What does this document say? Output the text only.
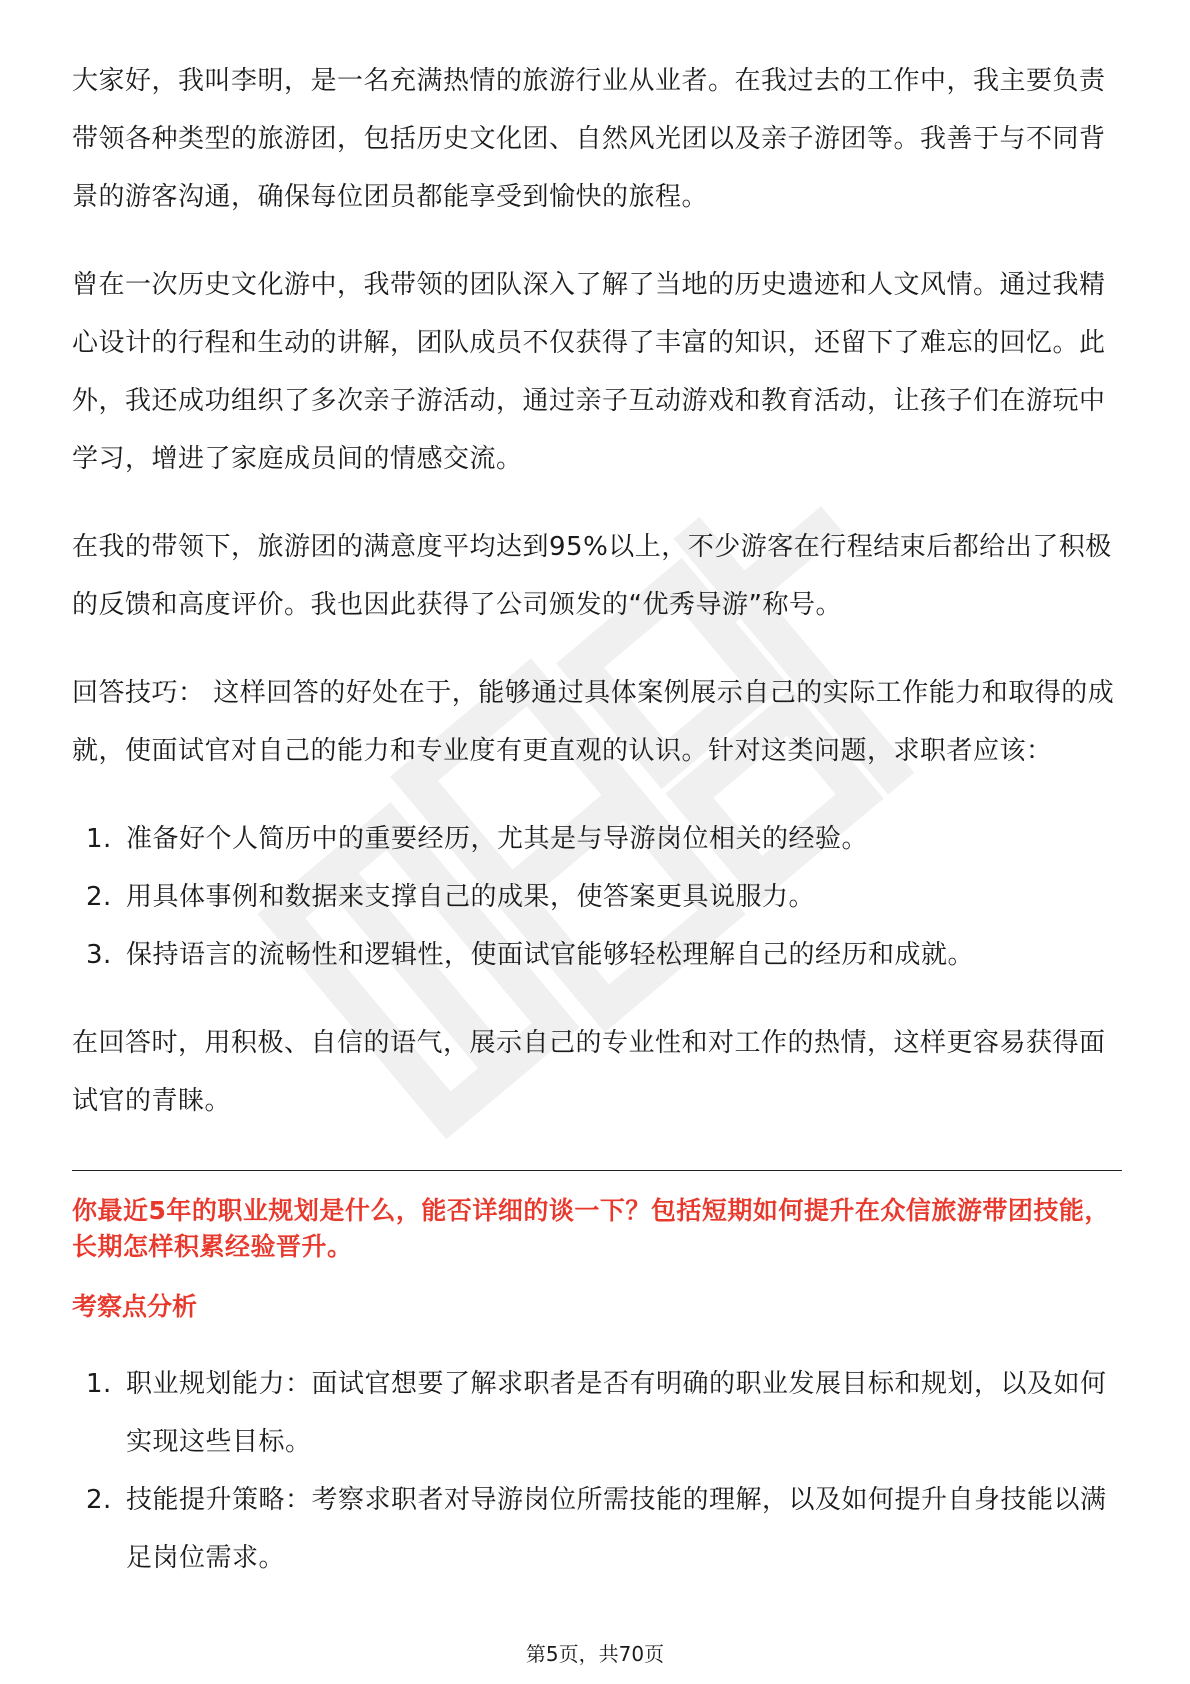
大家好，我叫李明，是一名充满热情的旅游行业从业者。在我过去的工作中，我主要负责带领各种类型的旅游团，包括历史文化团、自然风光团以及亲子游团等。我善于与不同背景的游客沟通，确保每位团员都能享受到愉快的旅程。

曾在一次历史文化游中，我带领的团队深入了解了当地的历史遗迹和人文风情。通过我精心设计的行程和生动的讲解，团队成员不仅获得了丰富的知识，还留下了难忘的回忆。此外，我还成功组织了多次亲子游活动，通过亲子互动游戏和教育活动，让孩子们在游玩中学习，增进了家庭成员间的情感交流。

在我的带领下，旅游团的满意度平均达到95%以上，不少游客在行程结束后都给出了积极的反馈和高度评价。我也因此获得了公司颁发的“优秀导游”称号。

回答技巧： 这样回答的好处在于，能够通过具体案例展示自己的实际工作能力和取得的成就，使面试官对自己的能力和专业度有更直观的认识。针对这类问题，求职者应该：

1. 准备好个人简历中的重要经历，尤其是与导游岗位相关的经验。
2. 用具体事例和数据来支撑自己的成果，使答案更具说服力。
3. 保持语言的流畅性和逻辑性，使面试官能够轻松理解自己的经历和成就。

在回答时，用积极、自信的语气，展示自己的专业性和对工作的热情，这样更容易获得面试官的青睐。

你最近5年的职业规划是什么，能否详细的谈一下？包括短期如何提升在众信旅游带团技能，长期怎样积累经验晋升。
考察点分析
1. 职业规划能力：面试官想要了解求职者是否有明确的职业发展目标和规划，以及如何实现这些目标。
2. 技能提升策略：考察求职者对导游岗位所需技能的理解，以及如何提升自身技能以满足岗位需求。
第5页，共70页
